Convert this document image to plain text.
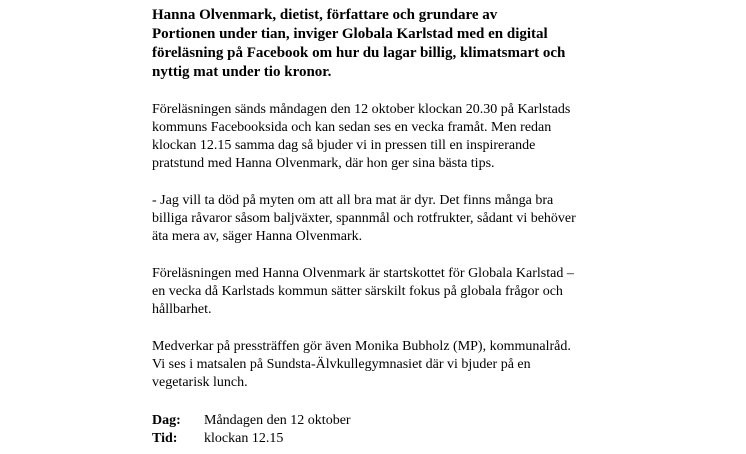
Hanna Olvenmark, dietist, författare och grundare av
Portionen under tian, inviger Globala Karlstad med en digital
föreläsning på Facebook om hur du lagar billig, klimatsmart och
nyttig mat under tio kronor.

Föreläsningen sänds måndagen den 12 oktober klockan 20.30 på Karlstads
kommuns Facebooksida och kan sedan ses en vecka framåt. Men redan
klockan 12.15 samma dag så bjuder vi in pressen till en inspirerande
pratstund med Hanna Olvenmark, där hon ger sina bästa tips.

- Jag vill ta död på myten om att all bra mat är dyr. Det finns många bra
billiga råvaror såsom baljväxter, spannmål och rotfrukter, sådant vi behöver
äta mera av, säger Hanna Olvenmark.

Föreläsningen med Hanna Olvenmark är startskottet för Globala Karlstad –
en vecka då Karlstads kommun sätter särskilt fokus på globala frågor och
hållbarhet.

Medverkar på pressträffen gör även Monika Bubholz (MP), kommunalråd.
Vi ses i matsalen på Sundsta-Älvkullegymnasiet där vi bjuder på en
vegetarisk lunch.

Dag:	Måndagen den 12 oktober
Tid:	klockan 12.15
